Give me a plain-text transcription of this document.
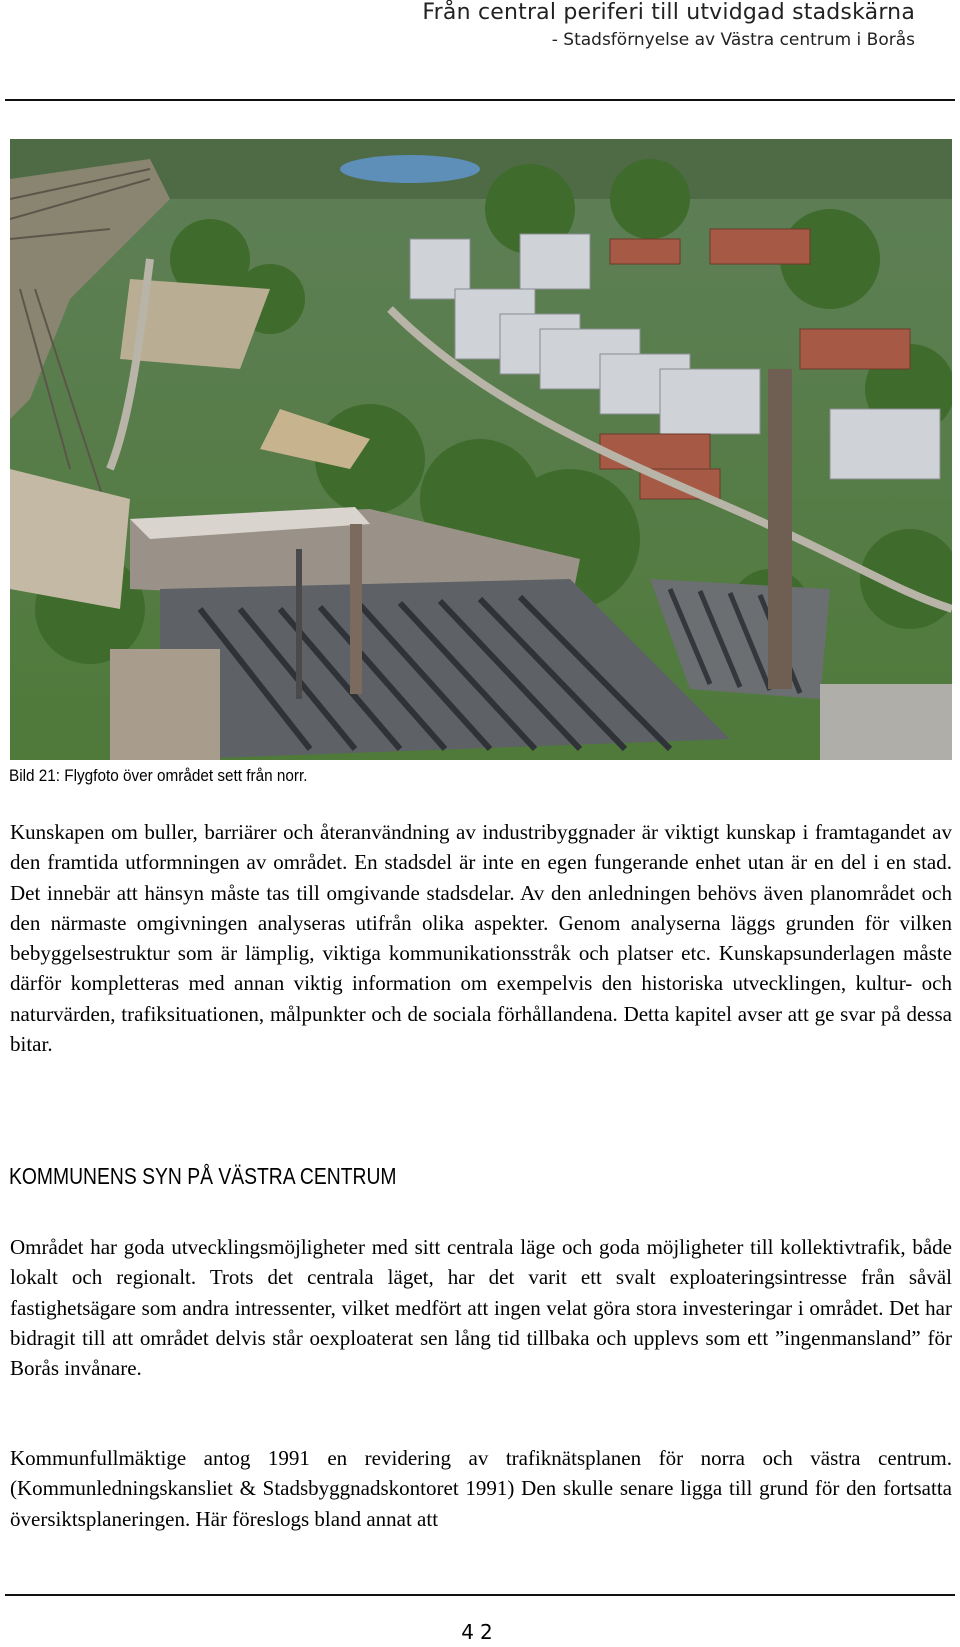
Från central periferi till utvidgad stadskärna
- Stadsförnyelse av Västra centrum i Borås
Bild 21: Flygfoto över området sett från norr.

Kunskapen om buller, barriärer och återanvändning av industribyggnader är viktigt kunskap i framtagandet av den framtida utformningen av området. En stadsdel är inte en egen fungerande enhet utan är en del i en stad. Det innebär att hänsyn måste tas till omgivande stadsdelar. Av den anledningen behövs även planområdet och den närmaste omgivningen analyseras utifrån olika aspekter. Genom analyserna läggs grunden för vilken bebyggelsestruktur som är lämplig, viktiga kommunikationsstråk och platser etc. Kunskapsunderlagen måste därför kompletteras med annan viktig information om exempelvis den historiska utvecklingen, kultur- och naturvärden, trafiksituationen, målpunkter och de sociala förhållandena. Detta kapitel avser att ge svar på dessa bitar.

KOMMUNENS SYN PÅ VÄSTRA CENTRUM

Området har goda utvecklingsmöjligheter med sitt centrala läge och goda möjligheter till kollektivtrafik, både lokalt och regionalt. Trots det centrala läget, har det varit ett svalt exploateringsintresse från såväl fastighetsägare som andra intressenter, vilket medfört att ingen velat göra stora investeringar i området. Det har bidragit till att området delvis står oexploaterat sen lång tid tillbaka och upplevs som ett ”ingenmansland” för Borås invånare.

Kommunfullmäktige antog 1991 en revidering av trafiknätsplanen för norra och västra centrum. (Kommunledningskansliet & Stadsbyggnadskontoret 1991) Den skulle senare ligga till grund för den fortsatta översiktsplaneringen. Här föreslogs bland annat att

42
